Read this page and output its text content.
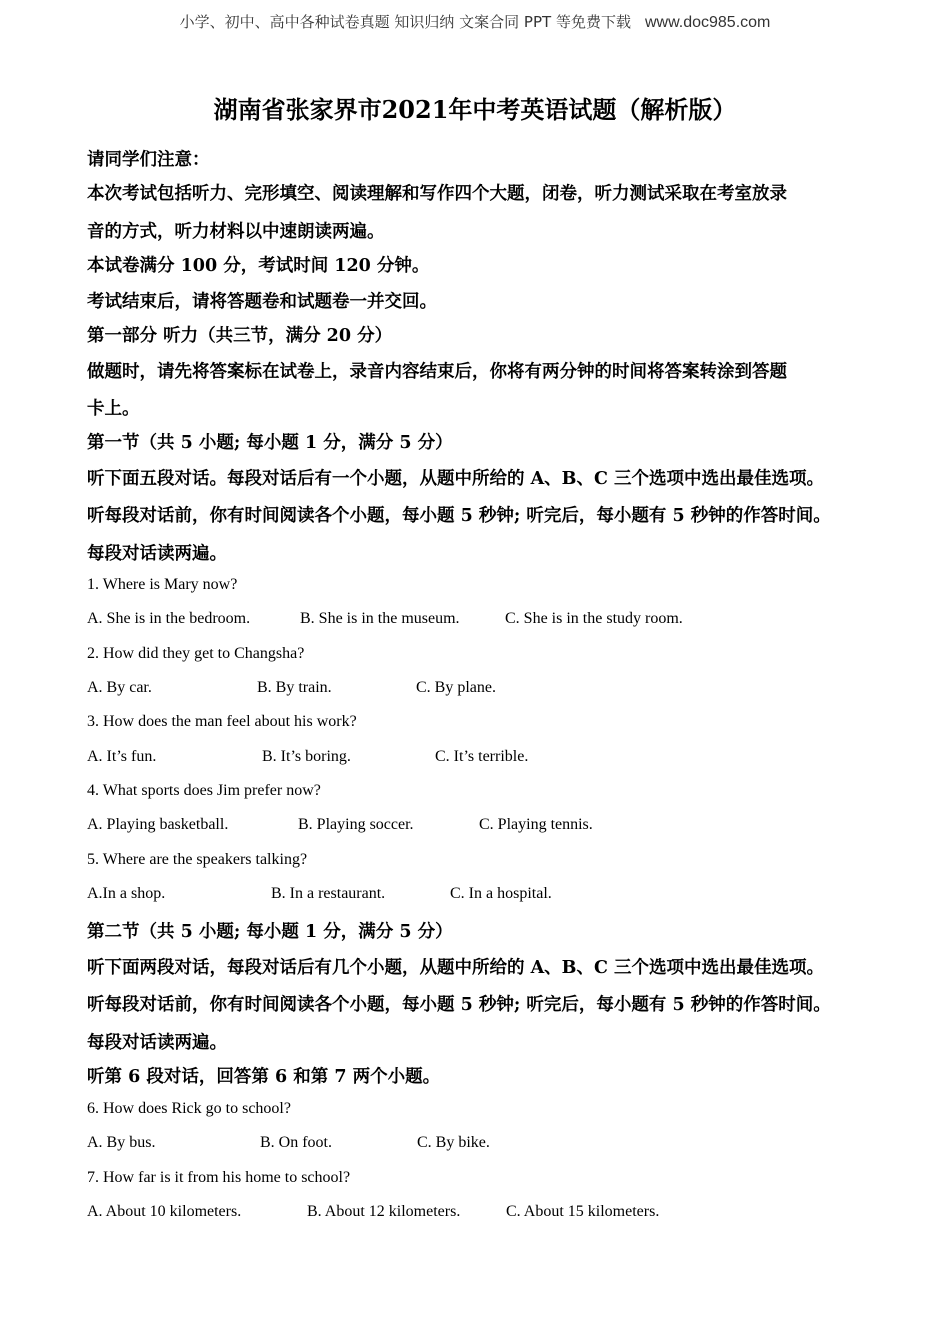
小学、初中、高中各种试卷真题 知识归纳 文案合同 PPT 等免费下载 www.doc985.com
湖南省张家界市2021年中考英语试题（解析版）
请同学们注意：
本次考试包括听力、完形填空、阅读理解和写作四个大题，闭卷，听力测试采取在考室放录
音的方式，听力材料以中速朗读两遍。
本试卷满分 100 分，考试时间 120 分钟。
考试结束后，请将答题卷和试题卷一并交回。
第一部分 听力（共三节，满分 20 分）
做题时，请先将答案标在试卷上，录音内容结束后，你将有两分钟的时间将答案转涂到答题
卡上。
第一节（共 5 小题; 每小题 1 分，满分 5 分）
听下面五段对话。每段对话后有一个小题，从题中所给的 A、B、C 三个选项中选出最佳选项。
听每段对话前，你有时间阅读各个小题，每小题 5 秒钟; 听完后，每小题有 5 秒钟的作答时间。
每段对话读两遍。
1. Where is Mary now?
A. She is in the bedroom.	B. She is in the museum.	C. She is in the study room.
2. How did they get to Changsha?
A. By car.	B. By train.	C. By plane.
3. How does the man feel about his work?
A. It’s fun.	B. It’s boring.	C. It’s terrible.
4. What sports does Jim prefer now?
A. Playing basketball.	B. Playing soccer.	C. Playing tennis.
5. Where are the speakers talking?
A.In a shop.	B. In a restaurant.	C. In a hospital.
第二节（共 5 小题; 每小题 1 分，满分 5 分）
听下面两段对话，每段对话后有几个小题，从题中所给的 A、B、C 三个选项中选出最佳选项。
听每段对话前，你有时间阅读各个小题，每小题 5 秒钟; 听完后，每小题有 5 秒钟的作答时间。
每段对话读两遍。
听第 6 段对话，回答第 6 和第 7 两个小题。
6. How does Rick go to school?
A. By bus.	B. On foot.	C. By bike.
7. How far is it from his home to school?
A. About 10 kilometers.	B. About 12 kilometers.	C. About 15 kilometers.
